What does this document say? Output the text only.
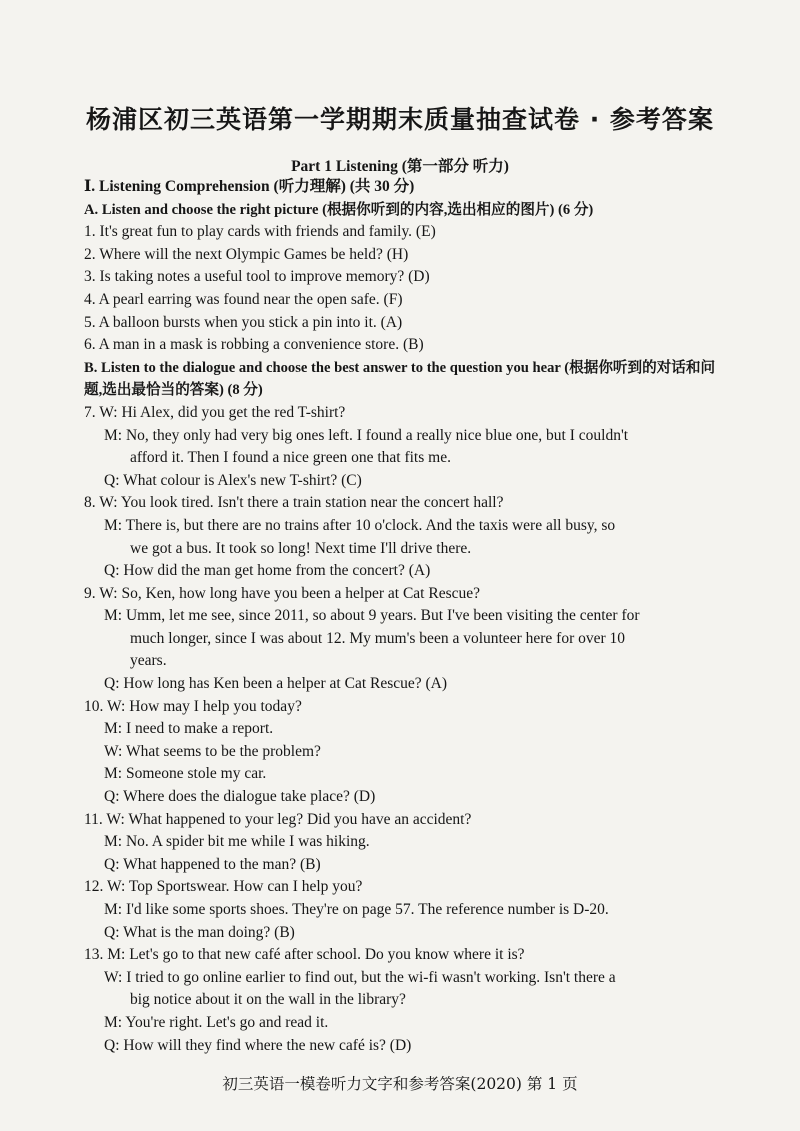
杨浦区初三英语第一学期期末质量抽查试卷 · 参考答案
Part 1 Listening (第一部分 听力)
Ⅰ. Listening Comprehension (听力理解) (共 30 分)
A. Listen and choose the right picture (根据你听到的内容,选出相应的图片) (6 分)
1. It's great fun to play cards with friends and family. (E)
2. Where will the next Olympic Games be held? (H)
3. Is taking notes a useful tool to improve memory? (D)
4. A pearl earring was found near the open safe. (F)
5. A balloon bursts when you stick a pin into it. (A)
6. A man in a mask is robbing a convenience store. (B)
B. Listen to the dialogue and choose the best answer to the question you hear (根据你听到的对话和问题,选出最恰当的答案) (8 分)
7. W: Hi Alex, did you get the red T-shirt?
M: No, they only had very big ones left. I found a really nice blue one, but I couldn't
afford it. Then I found a nice green one that fits me.
Q: What colour is Alex's new T-shirt? (C)
8. W: You look tired. Isn't there a train station near the concert hall?
M: There is, but there are no trains after 10 o'clock. And the taxis were all busy, so
we got a bus. It took so long! Next time I'll drive there.
Q: How did the man get home from the concert? (A)
9. W: So, Ken, how long have you been a helper at Cat Rescue?
M: Umm, let me see, since 2011, so about 9 years. But I've been visiting the center for
much longer, since I was about 12. My mum's been a volunteer here for over 10
years.
Q: How long has Ken been a helper at Cat Rescue? (A)
10. W: How may I help you today?
M: I need to make a report.
W: What seems to be the problem?
M: Someone stole my car.
Q: Where does the dialogue take place? (D)
11. W: What happened to your leg? Did you have an accident?
M: No. A spider bit me while I was hiking.
Q: What happened to the man? (B)
12. W: Top Sportswear. How can I help you?
M: I'd like some sports shoes. They're on page 57. The reference number is D-20.
Q: What is the man doing? (B)
13. M: Let's go to that new café after school. Do you know where it is?
W: I tried to go online earlier to find out, but the wi-fi wasn't working. Isn't there a
big notice about it on the wall in the library?
M: You're right. Let's go and read it.
Q: How will they find where the new café is? (D)
初三英语一模卷听力文字和参考答案(2020) 第 1 页
